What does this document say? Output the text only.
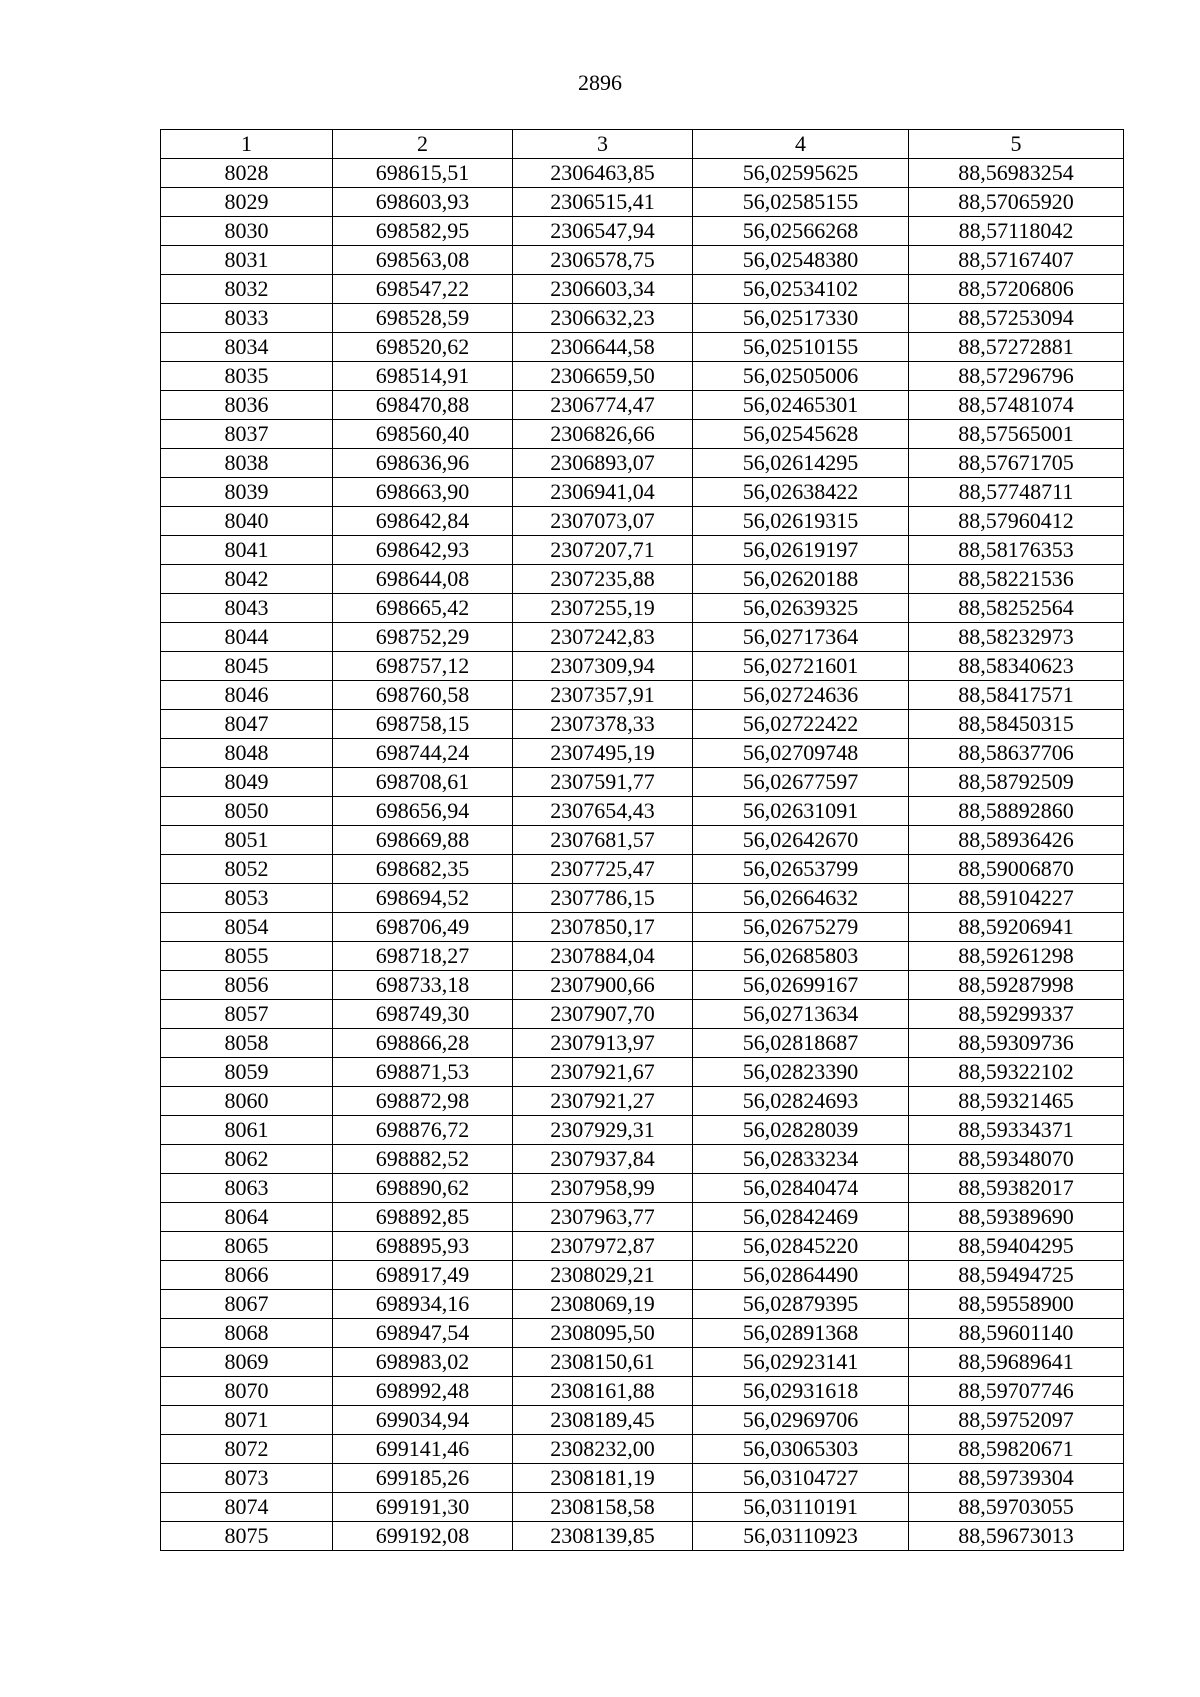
2896
1	2	3	4	5
8028	698615,51	2306463,85	56,02595625	88,56983254
8029	698603,93	2306515,41	56,02585155	88,57065920
8030	698582,95	2306547,94	56,02566268	88,57118042
8031	698563,08	2306578,75	56,02548380	88,57167407
8032	698547,22	2306603,34	56,02534102	88,57206806
8033	698528,59	2306632,23	56,02517330	88,57253094
8034	698520,62	2306644,58	56,02510155	88,57272881
8035	698514,91	2306659,50	56,02505006	88,57296796
8036	698470,88	2306774,47	56,02465301	88,57481074
8037	698560,40	2306826,66	56,02545628	88,57565001
8038	698636,96	2306893,07	56,02614295	88,57671705
8039	698663,90	2306941,04	56,02638422	88,57748711
8040	698642,84	2307073,07	56,02619315	88,57960412
8041	698642,93	2307207,71	56,02619197	88,58176353
8042	698644,08	2307235,88	56,02620188	88,58221536
8043	698665,42	2307255,19	56,02639325	88,58252564
8044	698752,29	2307242,83	56,02717364	88,58232973
8045	698757,12	2307309,94	56,02721601	88,58340623
8046	698760,58	2307357,91	56,02724636	88,58417571
8047	698758,15	2307378,33	56,02722422	88,58450315
8048	698744,24	2307495,19	56,02709748	88,58637706
8049	698708,61	2307591,77	56,02677597	88,58792509
8050	698656,94	2307654,43	56,02631091	88,58892860
8051	698669,88	2307681,57	56,02642670	88,58936426
8052	698682,35	2307725,47	56,02653799	88,59006870
8053	698694,52	2307786,15	56,02664632	88,59104227
8054	698706,49	2307850,17	56,02675279	88,59206941
8055	698718,27	2307884,04	56,02685803	88,59261298
8056	698733,18	2307900,66	56,02699167	88,59287998
8057	698749,30	2307907,70	56,02713634	88,59299337
8058	698866,28	2307913,97	56,02818687	88,59309736
8059	698871,53	2307921,67	56,02823390	88,59322102
8060	698872,98	2307921,27	56,02824693	88,59321465
8061	698876,72	2307929,31	56,02828039	88,59334371
8062	698882,52	2307937,84	56,02833234	88,59348070
8063	698890,62	2307958,99	56,02840474	88,59382017
8064	698892,85	2307963,77	56,02842469	88,59389690
8065	698895,93	2307972,87	56,02845220	88,59404295
8066	698917,49	2308029,21	56,02864490	88,59494725
8067	698934,16	2308069,19	56,02879395	88,59558900
8068	698947,54	2308095,50	56,02891368	88,59601140
8069	698983,02	2308150,61	56,02923141	88,59689641
8070	698992,48	2308161,88	56,02931618	88,59707746
8071	699034,94	2308189,45	56,02969706	88,59752097
8072	699141,46	2308232,00	56,03065303	88,59820671
8073	699185,26	2308181,19	56,03104727	88,59739304
8074	699191,30	2308158,58	56,03110191	88,59703055
8075	699192,08	2308139,85	56,03110923	88,59673013
